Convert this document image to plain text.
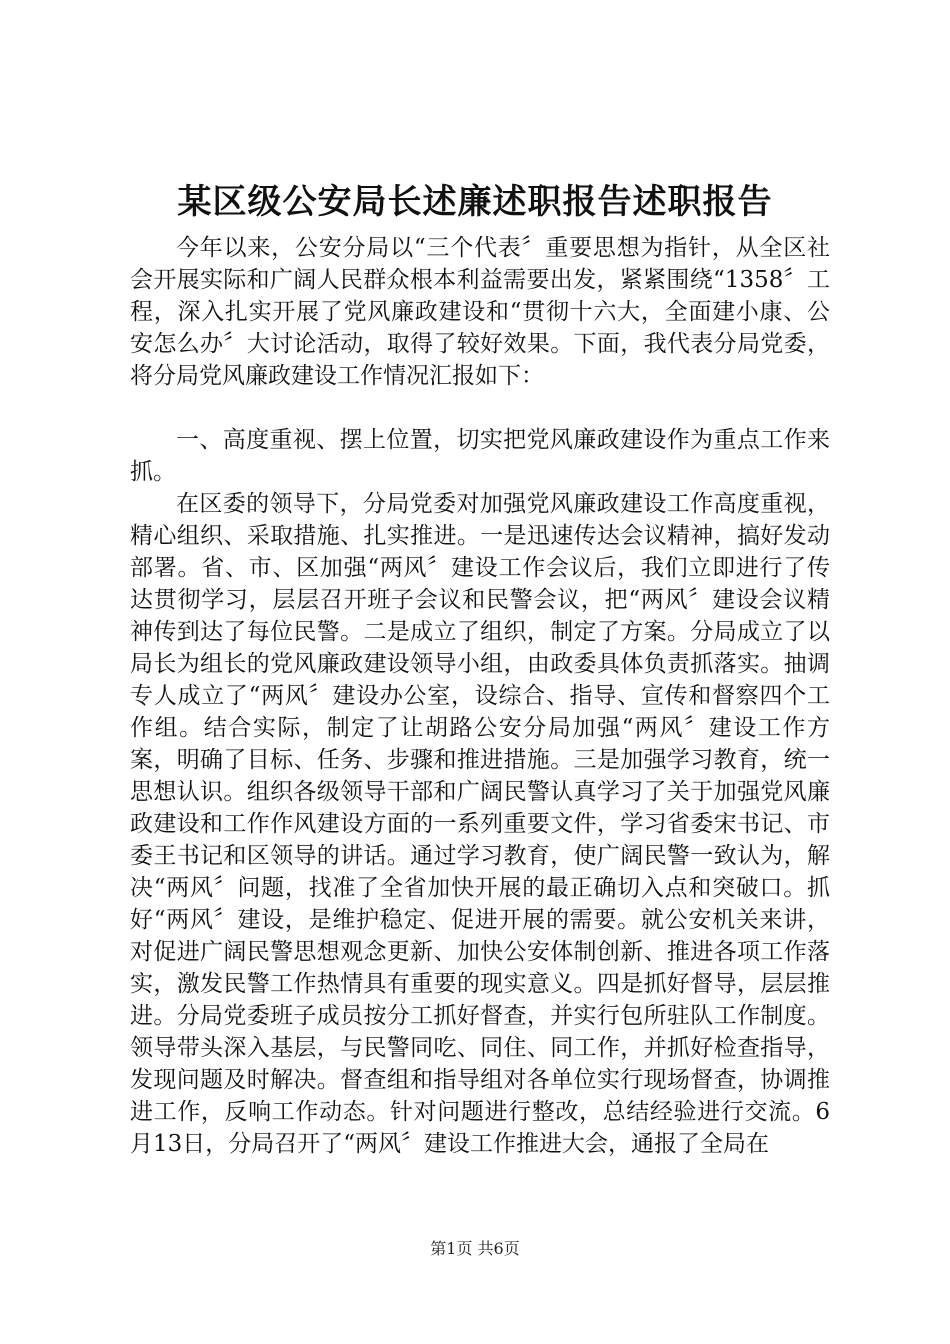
某区级公安局长述廉述职报告述职报告

今年以来，公安分局以“三个代表〞重要思想为指针，从全区社会开展实际和广阔人民群众根本利益需要出发，紧紧围绕“1358〞工程，深入扎实开展了党风廉政建设和“贯彻十六大，全面建小康、公安怎么办〞大讨论活动，取得了较好效果。下面，我代表分局党委，将分局党风廉政建设工作情况汇报如下：

一、高度重视、摆上位置，切实把党风廉政建设作为重点工作来抓。

在区委的领导下，分局党委对加强党风廉政建设工作高度重视，精心组织、采取措施、扎实推进。一是迅速传达会议精神，搞好发动部署。省、市、区加强“两风〞建设工作会议后，我们立即进行了传达贯彻学习，层层召开班子会议和民警会议，把“两风〞建设会议精神传到达了每位民警。二是成立了组织，制定了方案。分局成立了以局长为组长的党风廉政建设领导小组，由政委具体负责抓落实。抽调专人成立了“两风〞建设办公室，设综合、指导、宣传和督察四个工作组。结合实际，制定了让胡路公安分局加强“两风〞建设工作方案，明确了目标、任务、步骤和推进措施。三是加强学习教育，统一思想认识。组织各级领导干部和广阔民警认真学习了关于加强党风廉政建设和工作作风建设方面的一系列重要文件，学习省委宋书记、市委王书记和区领导的讲话。通过学习教育，使广阔民警一致认为，解决“两风〞问题，找准了全省加快开展的最正确切入点和突破口。抓好“两风〞建设，是维护稳定、促进开展的需要。就公安机关来讲，对促进广阔民警思想观念更新、加快公安体制创新、推进各项工作落实，激发民警工作热情具有重要的现实意义。四是抓好督导，层层推进。分局党委班子成员按分工抓好督查，并实行包所驻队工作制度。领导带头深入基层，与民警同吃、同住、同工作，并抓好检查指导，发现问题及时解决。督查组和指导组对各单位实行现场督查，协调推进工作，反响工作动态。针对问题进行整改，总结经验进行交流。6月13日，分局召开了“两风〞建设工作推进大会，通报了全局在

第1页 共6页
